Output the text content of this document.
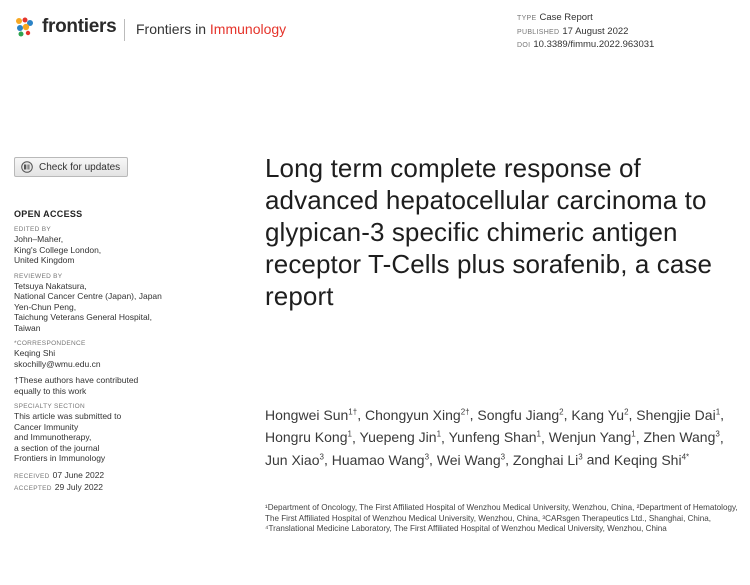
frontiers Frontiers in Immunology
TYPE Case Report
PUBLISHED 17 August 2022
DOI 10.3389/fimmu.2022.963031
Check for updates
OPEN ACCESS
EDITED BY
John–Maher,
King's College London,
United Kingdom
REVIEWED BY
Tetsuya Nakatsura,
National Cancer Centre (Japan), Japan
Yen-Chun Peng,
Taichung Veterans General Hospital,
Taiwan
*CORRESPONDENCE
Keqing Shi
skochilly@wmu.edu.cn
†These authors have contributed
equally to this work
SPECIALTY SECTION
This article was submitted to
Cancer Immunity
and Immunotherapy,
a section of the journal
Frontiers in Immunology
RECEIVED 07 June 2022
ACCEPTED 29 July 2022
Long term complete response of advanced hepatocellular carcinoma to glypican-3 specific chimeric antigen receptor T-Cells plus sorafenib, a case report
Hongwei Sun$^{1\dagger}$, Chongyun Xing$^{2\dagger}$, Songfu Jiang$^2$, Kang Yu$^2$, Shengjie Dai$^1$, Hongru Kong$^1$, Yuepeng Jin$^1$, Yunfeng Shan$^1$, Wenjun Yang$^1$, Zhen Wang$^3$, Jun Xiao$^3$, Huamao Wang$^3$, Wei Wang$^3$, Zonghai Li$^3$ and Keqing Shi$^{4*}$
¹Department of Oncology, The First Affiliated Hospital of Wenzhou Medical University, Wenzhou, China, ²Department of Hematology, The First Affiliated Hospital of Wenzhou Medical University, Wenzhou, China, ³CARsgen Therapeutics Ltd., Shanghai, China, ⁴Translational Medicine Laboratory, The First Affiliated Hospital of Wenzhou Medical University, Wenzhou, China
